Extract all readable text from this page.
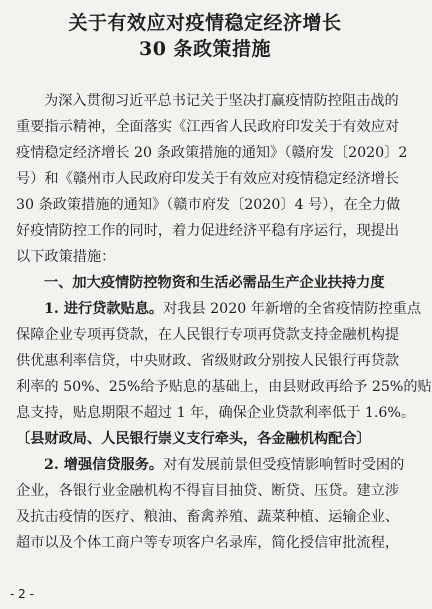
关于有效应对疫情稳定经济增长
30 条政策措施
为深入贯彻习近平总书记关于坚决打赢疫情防控阻击战的
重要指示精神，全面落实《江西省人民政府印发关于有效应对
疫情稳定经济增长 20 条政策措施的通知》（赣府发〔2020〕2
号）和《赣州市人民政府印发关于有效应对疫情稳定经济增长
30 条政策措施的通知》（赣市府发〔2020〕4 号），在全力做
好疫情防控工作的同时，着力促进经济平稳有序运行，现提出
以下政策措施：
一、加大疫情防控物资和生活必需品生产企业扶持力度
1. 进行贷款贴息。对我县 2020 年新增的全省疫情防控重点
保障企业专项再贷款，在人民银行专项再贷款支持金融机构提
供优惠利率信贷，中央财政、省级财政分别按人民银行再贷款
利率的 50%、25%给予贴息的基础上，由县财政再给予 25%的贴
息支持，贴息期限不超过 1 年，确保企业贷款利率低于 1.6%。
〔县财政局、人民银行崇义支行牵头，各金融机构配合〕
2. 增强信贷服务。对有发展前景但受疫情影响暂时受困的
企业，各银行业金融机构不得盲目抽贷、断贷、压贷。建立涉
及抗击疫情的医疗、粮油、畜禽养殖、蔬菜种植、运输企业、
超市以及个体工商户等专项客户名录库，简化授信审批流程，
- 2 -
